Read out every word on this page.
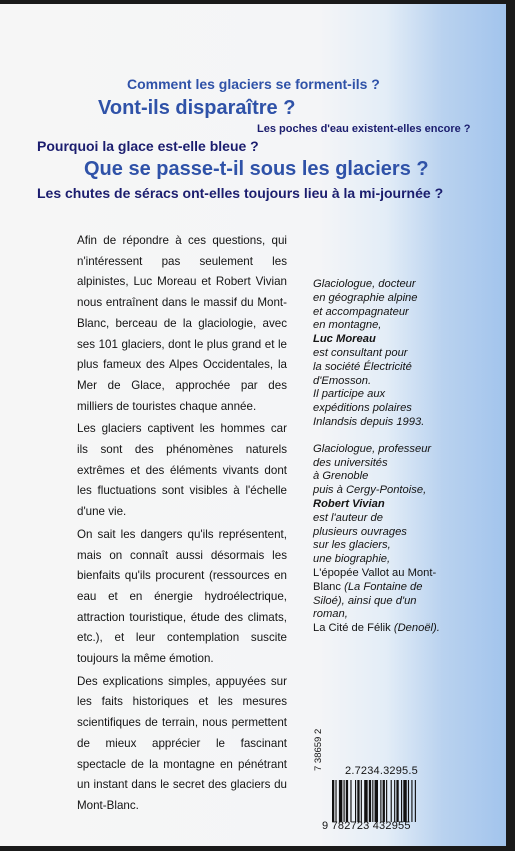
Comment les glaciers se forment-ils ?

Vont-ils disparaître ?

Les poches d'eau existent-elles encore ?

Pourquoi la glace est-elle bleue ?

Que se passe-t-il sous les glaciers ?

Les chutes de séracs ont-elles toujours lieu à la mi-journée ?

Afin de répondre à ces questions, qui n'intéressent pas seulement les alpinistes, Luc Moreau et Robert Vivian nous entraînent dans le massif du Mont-Blanc, berceau de la glaciologie, avec ses 101 glaciers, dont le plus grand et le plus fameux des Alpes Occidentales, la Mer de Glace, approchée par des milliers de touristes chaque année.

Les glaciers captivent les hommes car ils sont des phénomènes naturels extrêmes et des éléments vivants dont les fluctuations sont visibles à l'échelle d'une vie.

On sait les dangers qu'ils représentent, mais on connaît aussi désormais les bienfaits qu'ils procurent (ressources en eau et en énergie hydroélectrique, attraction touristique, étude des climats, etc.), et leur contemplation suscite toujours la même émotion.

Des explications simples, appuyées sur les faits historiques et les mesures scientifiques de terrain, nous permettent de mieux apprécier le fascinant spectacle de la montagne en pénétrant un instant dans le secret des glaciers du Mont-Blanc.

Glaciologue, docteur
en géographie alpine
et accompagnateur
en montagne,
Luc Moreau
est consultant pour
la société Électricité
d'Emosson.
Il participe aux
expéditions polaires
Inlandsis depuis 1993.

Glaciologue, professeur
des universités
à Grenoble
puis à Cergy-Pontoise,
Robert Vivian
est l'auteur de
plusieurs ouvrages
sur les glaciers,
une biographie,
L'épopée Vallot au Mont-
Blanc (La Fontaine de
Siloé), ainsi que d'un
roman,
La Cité de Félik (Denoël).

2.7234.3295.5
7 38659 2
9 782723 432955
